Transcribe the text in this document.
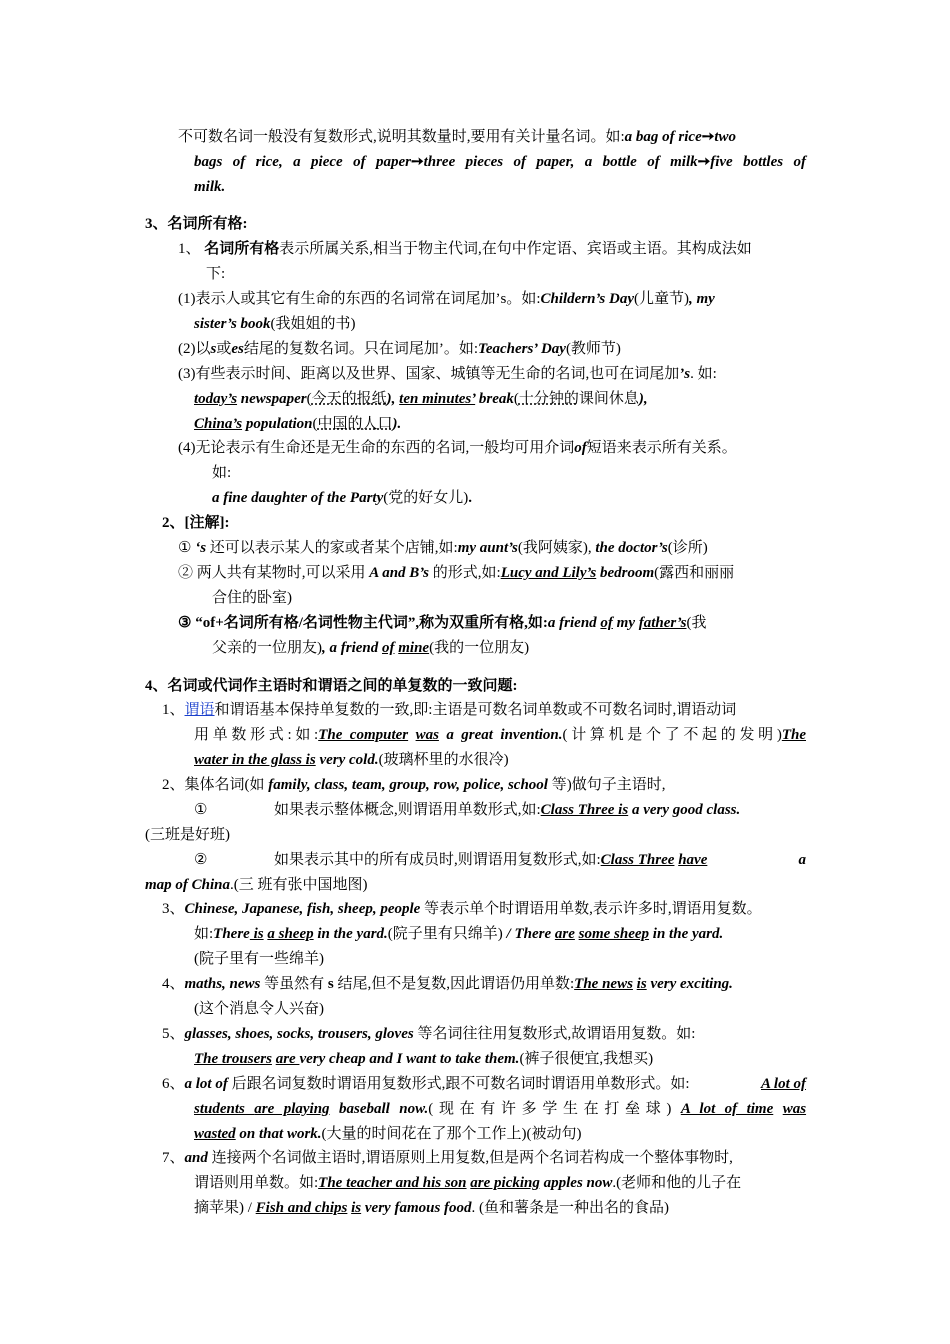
不可数名词一般没有复数形式,说明其数量时,要用有关计量名词。如:a bag of rice➙two
bags of rice, a piece of paper➙three pieces of paper, a bottle of milk➙five bottles of
milk.
3、名词所有格:
1、 名词所有格表示所属关系,相当于物主代词,在句中作定语、宾语或主语。其构成法如
下:
(1)表示人或其它有生命的东西的名词常在词尾加’s。如:Childern’s Day(儿童节), my
sister’s book(我姐姐的书)
(2)以s或es结尾的复数名词。只在词尾加’。如:Teachers’ Day(教师节)
(3)有些表示时间、距离以及世界、国家、城镇等无生命的名词,也可在词尾加’s. 如:
today’s newspaper(今天的报纸), ten minutes’ break(十分钟的课间休息),
China’s population(中国的人口).
(4)无论表示有生命还是无生命的东西的名词,一般均可用介词of短语来表示所有关系。
如:
a fine daughter of the Party(党的好女儿).
2、[注解]:
① ‘s 还可以表示某人的家或者某个店铺,如:my aunt’s(我阿姨家), the doctor’s(诊所)
② 两人共有某物时,可以采用 A and B’s 的形式,如:Lucy and Lily’s bedroom(露西和丽丽
合住的卧室)
③ “of+名词所有格/名词性物主代词”,称为双重所有格,如:a friend of my father’s(我
父亲的一位朋友), a friend of mine(我的一位朋友)
4、名词或代词作主语时和谓语之间的单复数的一致问题:
1、谓语和谓语基本保持单复数的一致,即:主语是可数名词单数或不可数名词时,谓语动词
用单数形式:如:The computer was a great invention.(计算机是个了不起的发明)The
water in the glass is very cold.(玻璃杯里的水很冷)
2、集体名词(如 family, class, team, group, row, police, school 等)做句子主语时,
①	如果表示整体概念,则谓语用单数形式,如:Class Three is a very good class.
(三班是好班)
②	如果表示其中的所有成员时,则谓语用复数形式,如:Class Three have	a
map of China.(三 班有张中国地图)
3、Chinese, Japanese, fish, sheep, people 等表示单个时谓语用单数,表示许多时,谓语用复数。
如:There is a sheep in the yard.(院子里有只绵羊) / There are some sheep in the yard.
(院子里有一些绵羊)
4、maths, news 等虽然有 s 结尾,但不是复数,因此谓语仍用单数:The news is very exciting.
(这个消息令人兴奋)
5、glasses, shoes, socks, trousers, gloves 等名词往往用复数形式,故谓语用复数。如:
The trousers are very cheap and I want to take them.(裤子很便宜,我想买)
6、a lot of 后跟名词复数时谓语用复数形式,跟不可数名词时谓语用单数形式。如:	A lot of
students are playing baseball now.(现在有许多学生在打垒球) A lot of time was
wasted on that work.(大量的时间花在了那个工作上)(被动句)
7、and 连接两个名词做主语时,谓语原则上用复数,但是两个名词若构成一个整体事物时,
谓语则用单数。如:The teacher and his son are picking apples now.(老师和他的儿子在
摘苹果) / Fish and chips is very famous food. (鱼和薯条是一种出名的食品)
